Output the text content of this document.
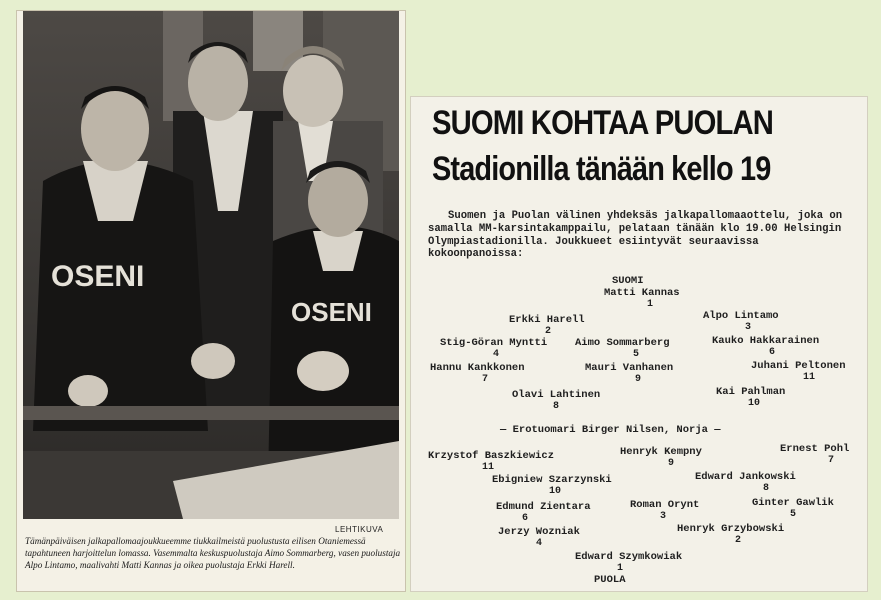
OSENI
OSENI
LEHTIKUVA

Tämänpäiväisen jalkapallomaajoukkueemme tiukkailmeistä puolustusta eilisen Otaniemessä tapahtuneen harjoittelun lomassa. Vasemmalta keskuspuolustaja Aimo Sommarberg, vasen puolustaja Alpo Lintamo, maalivahti Matti Kannas ja oikea puolustaja Erkki Harell.

SUOMI KOHTAA PUOLAN
Stadionilla tänään kello 19

Suomen ja Puolan välinen yhdeksäs jalkapallomaaottelu, joka on samalla MM-karsintakamppailu, pelataan tänään klo 19.00 Helsingin Olympiastadionilla. Joukkueet esiintyvät seuraavissa kokoonpanoissa:

SUOMI
Matti Kannas
1
Erkki Harell
2
Alpo Lintamo
3
Stig-Göran Myntti
4
Aimo Sommarberg
5
Kauko Hakkarainen
6
Hannu Kankkonen
7
Mauri Vanhanen
9
Juhani Peltonen
11
Olavi Lahtinen
8
Kai Pahlman
10
— Erotuomari Birger Nilsen, Norja —
Krzystof Baszkiewicz
11
Henryk Kempny
9
Ernest Pohl
7
Ebigniew Szarzynski
10
Edward Jankowski
8
Edmund Zientara
6
Roman Orynt
3
Ginter Gawlik
5
Jerzy Wozniak
4
Henryk Grzybowski
2
Edward Szymkowiak
1
PUOLA
